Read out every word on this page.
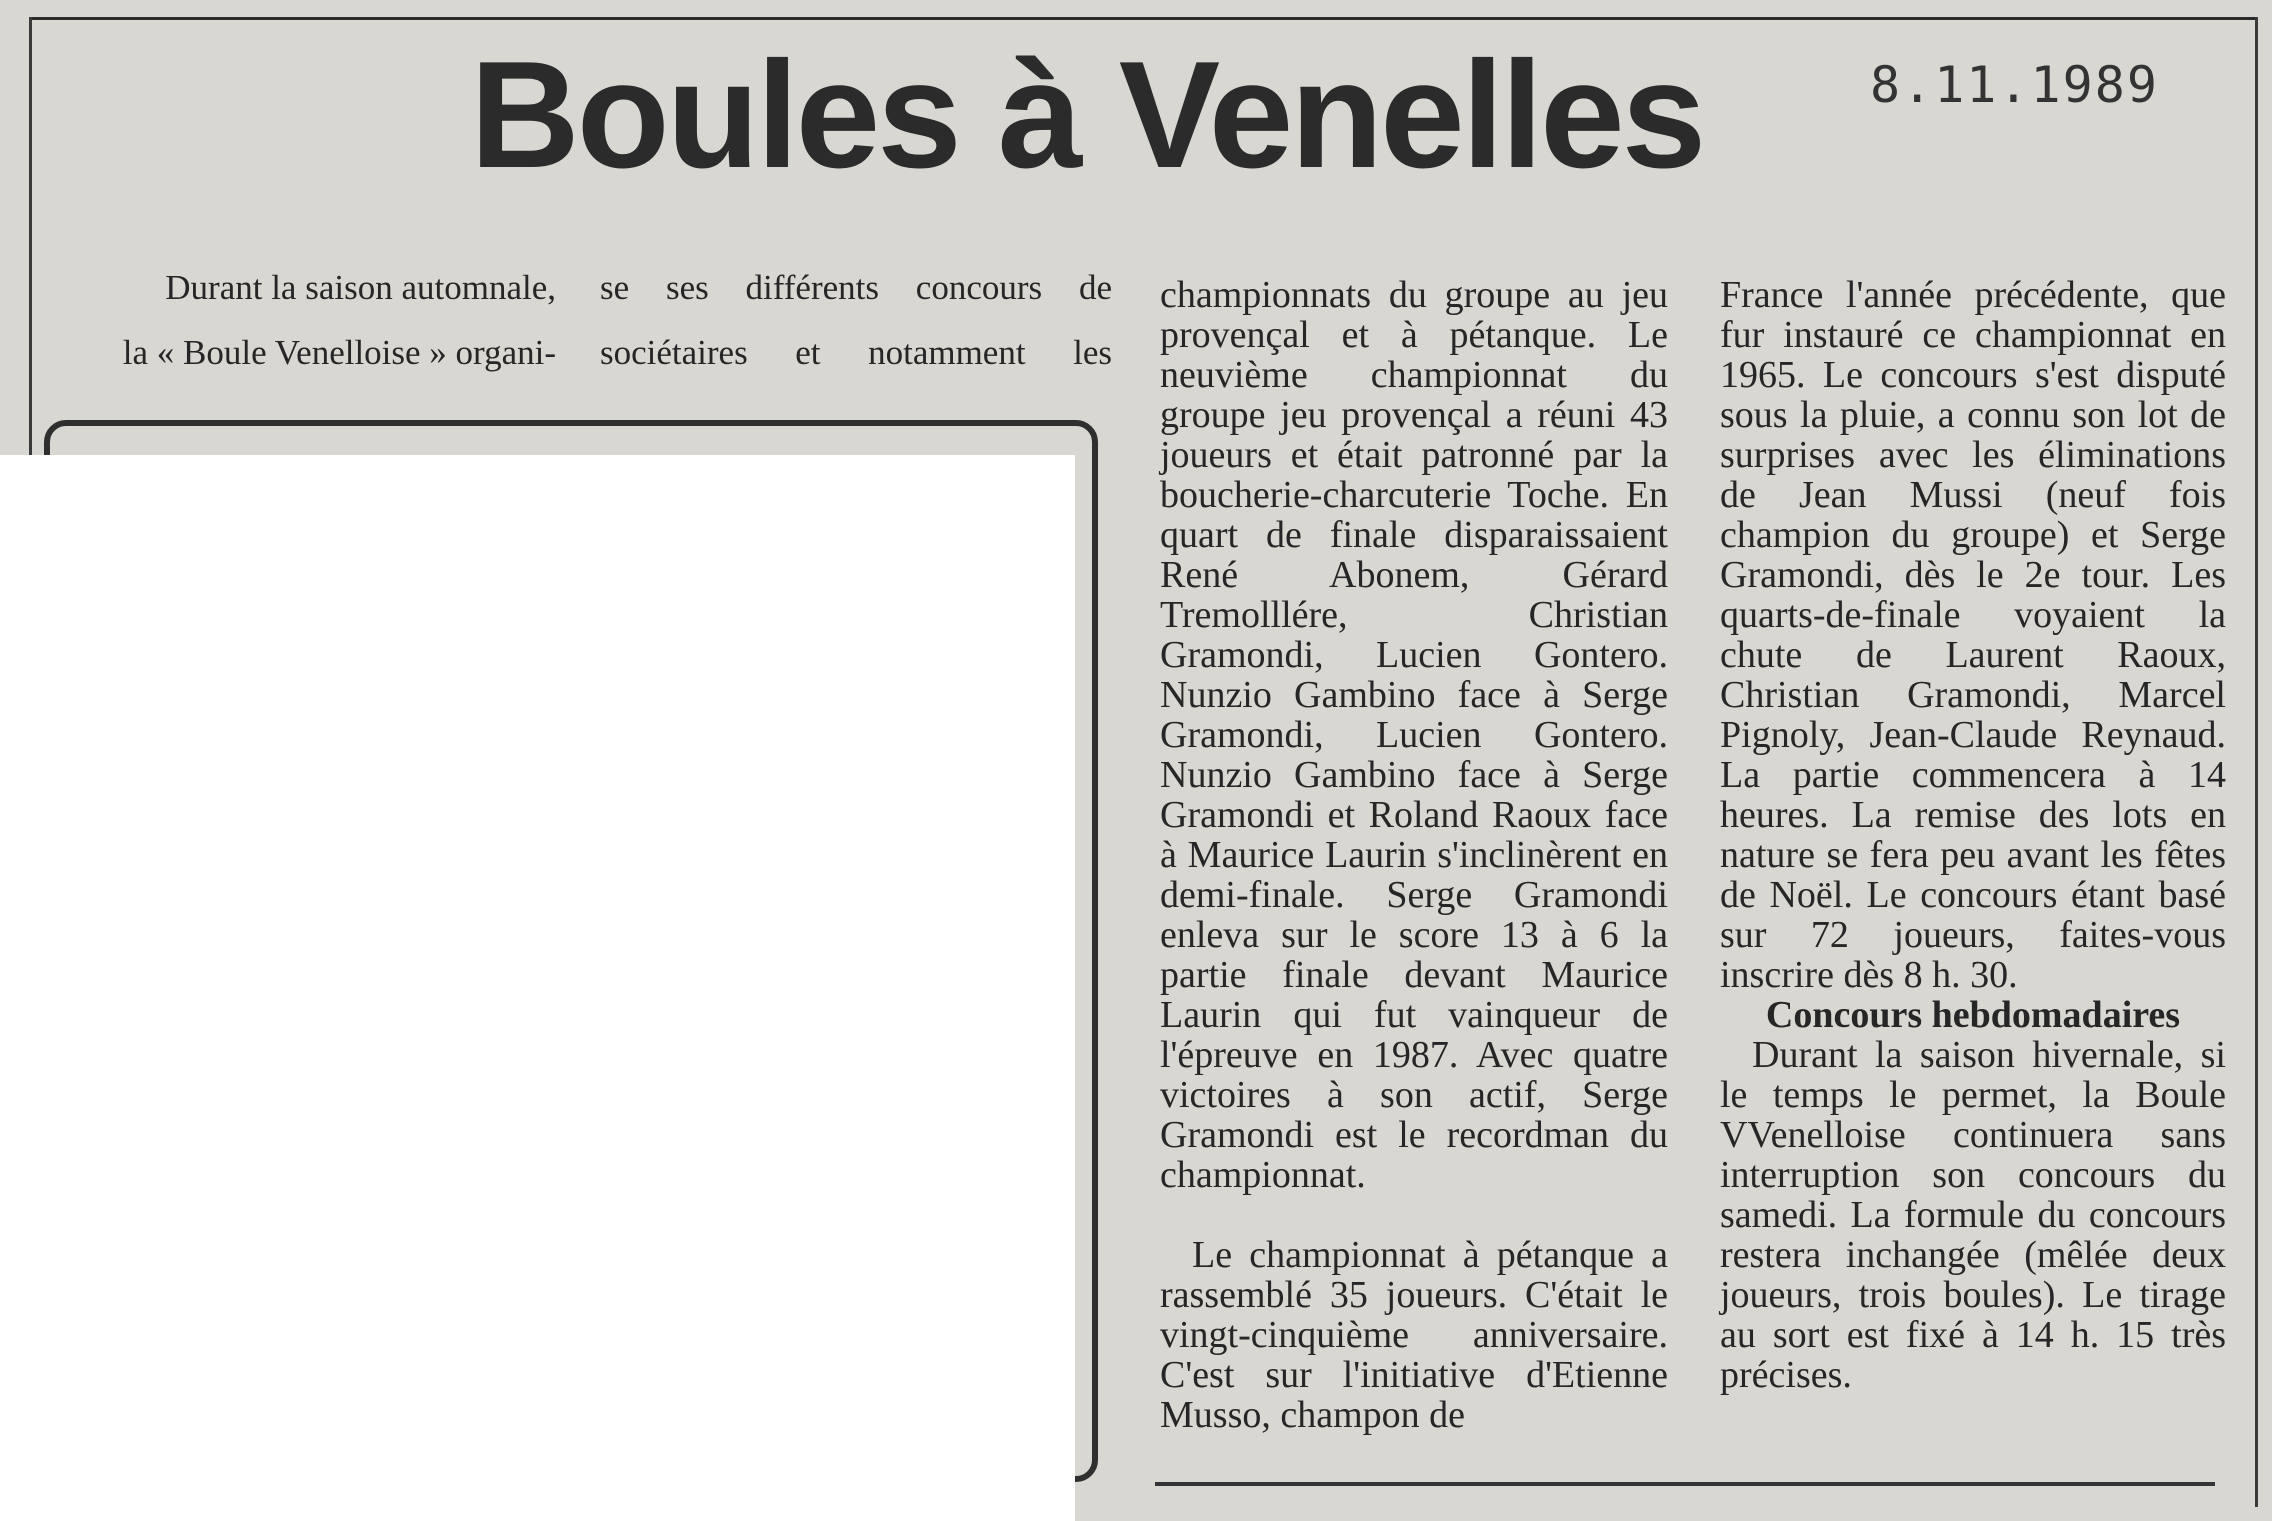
Boules à Venelles	8.11.1989

Durant la saison automnale,

la « Boule Venelloise » organi-

se ses différents concours de

sociétaires et notamment les

championnats du groupe au jeu provençal et à pétanque. Le neuvième championnat du groupe jeu provençal a réuni 43 joueurs et était patronné par la boucherie-charcuterie Toche. En quart de finale disparaissaient René Abonem, Gérard Tremolllére, Christian Gramondi, Lucien Gontero. Nunzio Gambino face à Serge Gramondi, Lucien Gontero. Nunzio Gambino face à Serge Gramondi et Roland Raoux face à Maurice Laurin s'inclinèrent en demi-finale. Serge Gramondi enleva sur le score 13 à 6 la partie finale devant Maurice Laurin qui fut vainqueur de l'épreuve en 1987. Avec quatre victoires à son actif, Serge Gramondi est le recordman du championnat.

Le championnat à pétanque a rassemblé 35 joueurs. C'était le vingt-cinquième anniversaire. C'est sur l'initiative d'Etienne Musso, champon de

France l'année précédente, que fur instauré ce championnat en 1965. Le concours s'est disputé sous la pluie, a connu son lot de surprises avec les éliminations de Jean Mussi (neuf fois champion du groupe) et Serge Gramondi, dès le 2e tour. Les quarts-de-finale voyaient la chute de Laurent Raoux, Christian Gramondi, Marcel Pignoly, Jean-Claude Reynaud. La partie commencera à 14 heures. La remise des lots en nature se fera peu avant les fêtes de Noël. Le concours étant basé sur 72 joueurs, faites-vous inscrire dès 8 h. 30.

Concours hebdomadaires

Durant la saison hivernale, si le temps le permet, la Boule VVenelloise continuera sans interruption son concours du samedi. La formule du concours restera inchangée (mêlée deux joueurs, trois boules). Le tirage au sort est fixé à 14 h. 15 très précises.
